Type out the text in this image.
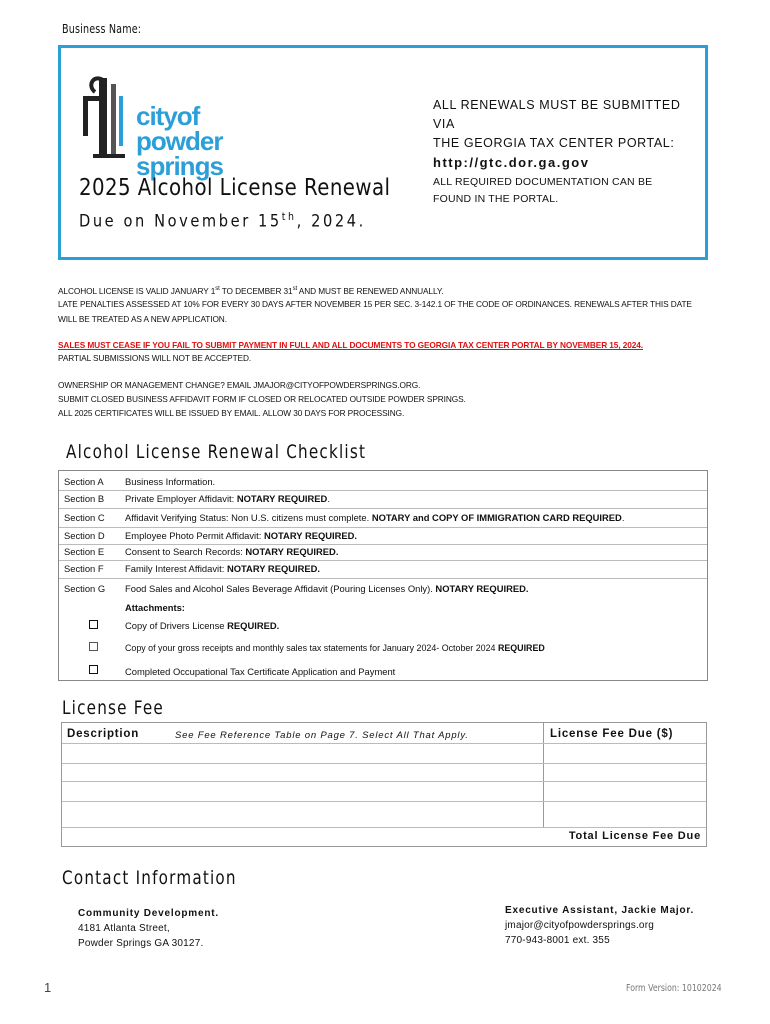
Business Name:
cityof
powder springs
2025 Alcohol License Renewal
Due on November 15th, 2024.
ALL RENEWALS MUST BE SUBMITTED VIA
THE GEORGIA TAX CENTER PORTAL:
http://gtc.dor.ga.gov
ALL REQUIRED DOCUMENTATION CAN BE
FOUND IN THE PORTAL.
ALCOHOL LICENSE IS VALID JANUARY 1st TO DECEMBER 31st AND MUST BE RENEWED ANNUALLY.
LATE PENALTIES ASSESSED AT 10% FOR EVERY 30 DAYS AFTER NOVEMBER 15 PER SEC. 3-142.1 OF THE CODE OF ORDINANCES. RENEWALS AFTER THIS DATE
WILL BE TREATED AS A NEW APPLICATION.
SALES MUST CEASE IF YOU FAIL TO SUBMIT PAYMENT IN FULL AND ALL DOCUMENTS TO GEORGIA TAX CENTER PORTAL BY NOVEMBER 15, 2024.
PARTIAL SUBMISSIONS WILL NOT BE ACCEPTED.
OWNERSHIP OR MANAGEMENT CHANGE? EMAIL JMAJOR@CITYOFPOWDERSPRINGS.ORG.
SUBMIT CLOSED BUSINESS AFFIDAVIT FORM IF CLOSED OR RELOCATED OUTSIDE POWDER SPRINGS.
ALL 2025 CERTIFICATES WILL BE ISSUED BY EMAIL. ALLOW 30 DAYS FOR PROCESSING.
Alcohol License Renewal Checklist
Section A Business Information.
Section B Private Employer Affidavit: NOTARY REQUIRED.
Section C Affidavit Verifying Status: Non U.S. citizens must complete. NOTARY and COPY OF IMMIGRATION CARD REQUIRED.
Section D Employee Photo Permit Affidavit: NOTARY REQUIRED.
Section E Consent to Search Records: NOTARY REQUIRED.
Section F Family Interest Affidavit: NOTARY REQUIRED.
Section G Food Sales and Alcohol Sales Beverage Affidavit (Pouring Licenses Only). NOTARY REQUIRED.
Attachments:
Copy of Drivers License REQUIRED.
Copy of your gross receipts and monthly sales tax statements for January 2024- October 2024 REQUIRED
Completed Occupational Tax Certificate Application and Payment
License Fee
Description	See Fee Reference Table on Page 7. Select All That Apply.	License Fee Due ($)
Total License Fee Due
Contact Information
Community Development.
4181 Atlanta Street,
Powder Springs GA 30127.
Executive Assistant, Jackie Major.
jmajor@cityofpowdersprings.org
770-943-8001 ext. 355
1	Form Version: 10102024
